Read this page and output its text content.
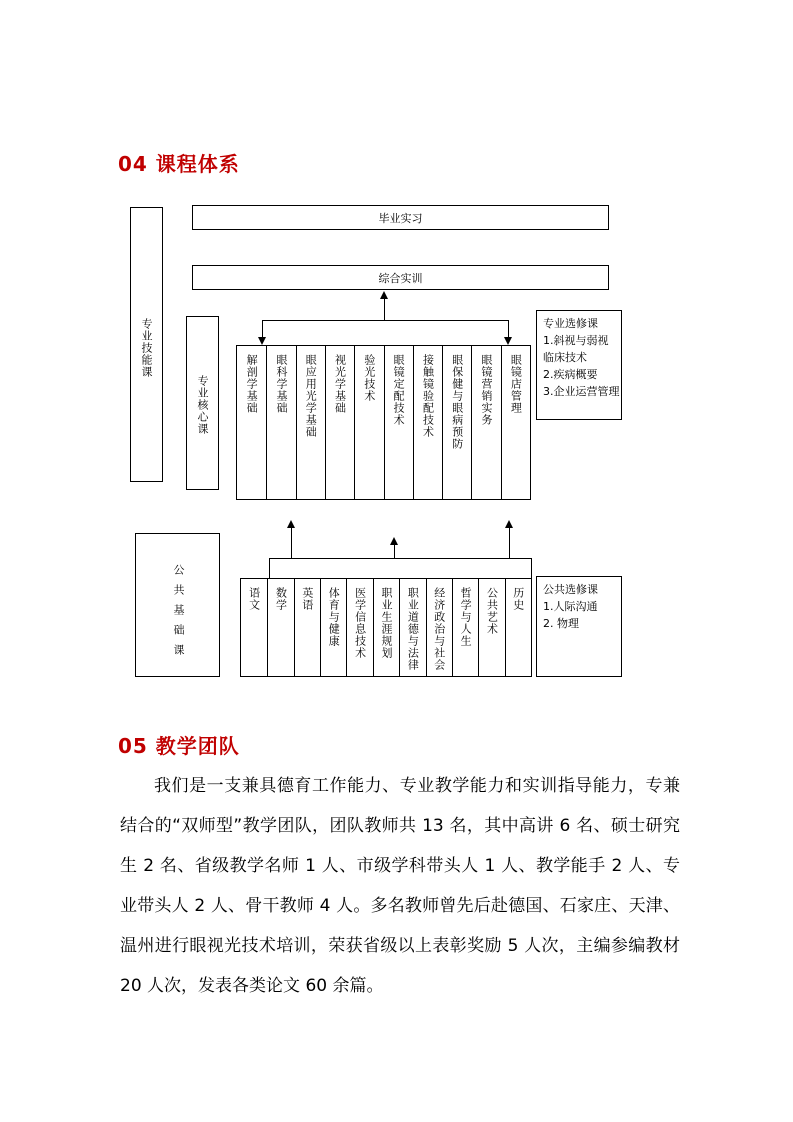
04 课程体系
毕业实习
综合实训
专业技能课
专业核心课
公共基础课
解剖学基础 眼科学基础 眼应用光学基础 视光学基础 验光技术 眼镜定配技术 接触镜验配技术 眼保健与眼病预防 眼镜营销实务 眼镜店管理
专业选修课
1.斜视与弱视
临床技术
2.疾病概要
3.企业运营管理
语文 数学 英语 体育与健康 医学信息技术 职业生涯规划 职业道德与法律 经济政治与社会 哲学与人生 公共艺术 历史 公共选修课
1.人际沟通
2. 物理
05 教学团队

我们是一支兼具德育工作能力、专业教学能力和实训指导能力，专兼结合的“双师型”教学团队，团队教师共 13 名，其中高讲 6 名、硕士研究生 2 名、省级教学名师 1 人、市级学科带头人 1 人、教学能手 2 人、专业带头人 2 人、骨干教师 4 人。多名教师曾先后赴德国、石家庄、天津、温州进行眼视光技术培训，荣获省级以上表彰奖励 5 人次，主编参编教材 20 人次，发表各类论文 60 余篇。
